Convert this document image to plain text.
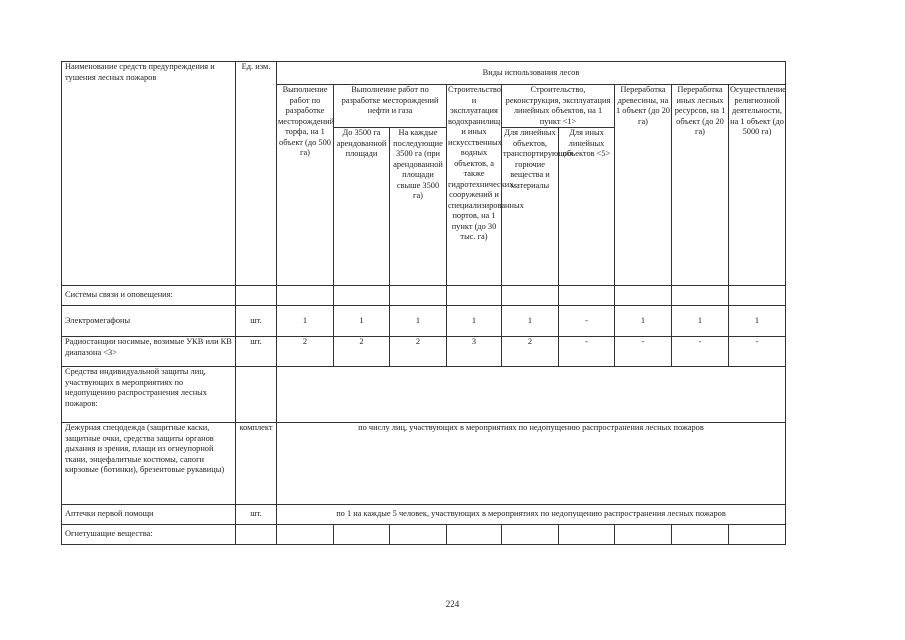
Наименование средств предупреждения и тушения лесных пожаров	Ед. изм.	Виды использования лесов								
		Выполнение работ по разработке месторождений торфа, на 1 объект (до 500 га)	Выполнение работ по разработке месторождений нефти и газа		Строительство и эксплуатация водохранилищ и иных искусственных водных объектов, а также гидротехнических сооружений и специализированных портов, на 1 пункт (до 30 тыс. га)	Строительство, реконструкция, эксплуатация линейных объектов, на 1 пункт <1>		Переработка древесины, на 1 объект (до 20 га)	Переработка иных лесных ресурсов, на 1 объект (до 20 га)	Осуществление религиозной деятельности, на 1 объект (до 5000 га)
			До 3500 га арендованной площади	На каждые последующие 3500 га (при арендованной площади свыше 3500 га)		Для линейных объектов, транспортирующих горючие вещества и материалы	Для иных линейных объектов <5>			
Системы связи и оповещения:										
Электромегафоны	шт.	1	1	1	1	1	-	1	1	1
Радиостанции носимые, возимые УКВ или КВ диапазона <3>	шт.	2	2	2	3	2	-	-	-	-
Средства индивидуальной защиты лиц, участвующих в мероприятиях по недопущению распространения лесных пожаров:										
Дежурная спецодежда (защитные каски, защитные очки, средства защиты органов дыхания и зрения, плащи из огнеупорной ткани, энцефалитные костюмы, сапоги кирзовые (ботинки), брезентовые рукавицы)	комплект	по числу лиц, участвующих в мероприятиях по недопущению распространения лесных пожаров								
Аптечки первой помощи	шт.	по 1 на каждые 5 человек, участвующих в мероприятиях по недопущению распространения лесных пожаров								
Огнетушащие вещества:										
224
